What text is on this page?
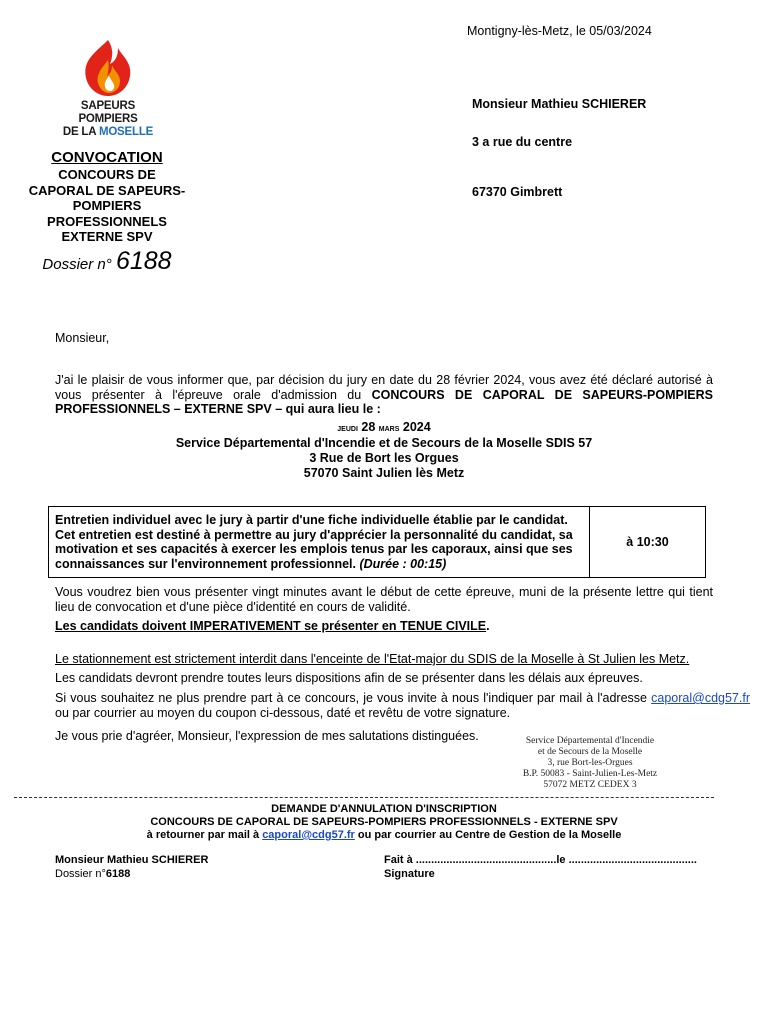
Montigny-lès-Metz, le 05/03/2024
SAPEURS POMPIERS
DE LA MOSELLE
CONVOCATION
CONCOURS DE
CAPORAL DE SAPEURS-
POMPIERS
PROFESSIONNELS
EXTERNE SPV
Dossier n° 6188
Monsieur Mathieu SCHIERER
3 a rue du centre
67370 Gimbrett
Monsieur,
J'ai le plaisir de vous informer que, par décision du jury en date du 28 février 2024, vous avez été déclaré autorisé à vous présenter à l'épreuve orale d'admission du CONCOURS DE CAPORAL DE SAPEURS-POMPIERS PROFESSIONNELS – EXTERNE SPV – qui aura lieu le :
jeudi 28 mars 2024
Service Départemental d'Incendie et de Secours de la Moselle SDIS 57
3 Rue de Bort les Orgues
57070 Saint Julien lès Metz
Entretien individuel avec le jury à partir d'une fiche individuelle établie par le candidat. Cet entretien est destiné à permettre au jury d'apprécier la personnalité du candidat, sa motivation et ses capacités à exercer les emplois tenus par les caporaux, ainsi que ses connaissances sur l'environnement professionnel. (Durée : 00:15)	à 10:30
Vous voudrez bien vous présenter vingt minutes avant le début de cette épreuve, muni de la présente lettre qui tient lieu de convocation et d'une pièce d'identité en cours de validité.
Les candidats doivent IMPERATIVEMENT se présenter en TENUE CIVILE.
Le stationnement est strictement interdit dans l'enceinte de l'Etat-major du SDIS de la Moselle à St Julien les Metz.
Les candidats devront prendre toutes leurs dispositions afin de se présenter dans les délais aux épreuves.
Si vous souhaitez ne plus prendre part à ce concours, je vous invite à nous l'indiquer par mail à l'adresse caporal@cdg57.fr ou par courrier au moyen du coupon ci-dessous, daté et revêtu de votre signature.
Je vous prie d'agréer, Monsieur, l'expression de mes salutations distinguées.	Service Départemental d'Incendie
et de Secours de la Moselle
3, rue Bort-les-Orgues
B.P. 50083 - Saint-Julien-Les-Metz
57072 METZ CEDEX 3
DEMANDE D'ANNULATION D'INSCRIPTION
CONCOURS DE CAPORAL DE SAPEURS-POMPIERS PROFESSIONNELS - EXTERNE SPV
à retourner par mail à caporal@cdg57.fr ou par courrier au Centre de Gestion de la Moselle
Monsieur Mathieu SCHIERER
Dossier n°6188
Fait à ..............................................le ..........................................
Signature
